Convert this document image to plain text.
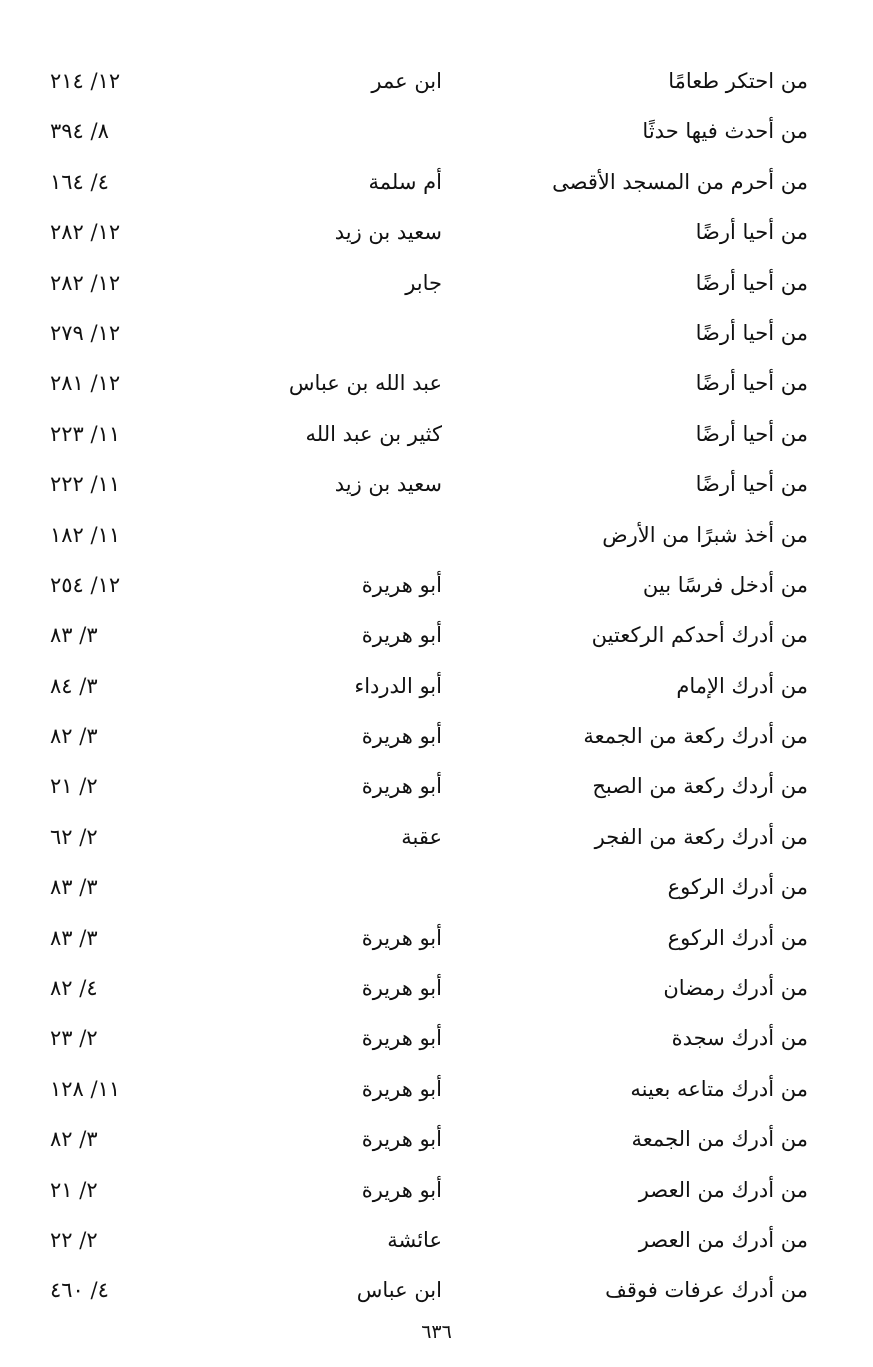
من احتكر طعامًا
ابن عمر
١٢/ ٢١٤
من أحدث فيها حدثًا
٨/ ٣٩٤
من أحرم من المسجد الأقصى
أم سلمة
٤/ ١٦٤
من أحيا أرضًا
سعيد بن زيد
١٢/ ٢٨٢
من أحيا أرضًا
جابر
١٢/ ٢٨٢
من أحيا أرضًا
١٢/ ٢٧٩
من أحيا أرضًا
عبد الله بن عباس
١٢/ ٢٨١
من أحيا أرضًا
كثير بن عبد الله
١١/ ٢٢٣
من أحيا أرضًا
سعيد بن زيد
١١/ ٢٢٢
من أخذ شبرًا من الأرض
١١/ ١٨٢
من أدخل فرسًا بين
أبو هريرة
١٢/ ٢٥٤
من أدرك أحدكم الركعتين
أبو هريرة
٣/ ٨٣
من أدرك الإمام
أبو الدرداء
٣/ ٨٤
من أدرك ركعة من الجمعة
أبو هريرة
٣/ ٨٢
من أردك ركعة من الصبح
أبو هريرة
٢/ ٢١
من أدرك ركعة من الفجر
عقبة
٢/ ٦٢
من أدرك الركوع
٣/ ٨٣
من أدرك الركوع
أبو هريرة
٣/ ٨٣
من أدرك رمضان
أبو هريرة
٤/ ٨٢
من أدرك سجدة
أبو هريرة
٢/ ٢٣
من أدرك متاعه بعينه
أبو هريرة
١١/ ١٢٨
من أدرك من الجمعة
أبو هريرة
٣/ ٨٢
من أدرك من العصر
أبو هريرة
٢/ ٢١
من أدرك من العصر
عائشة
٢/ ٢٢
من أدرك عرفات فوقف
ابن عباس
٤/ ٤٦٠
٦٣٦
